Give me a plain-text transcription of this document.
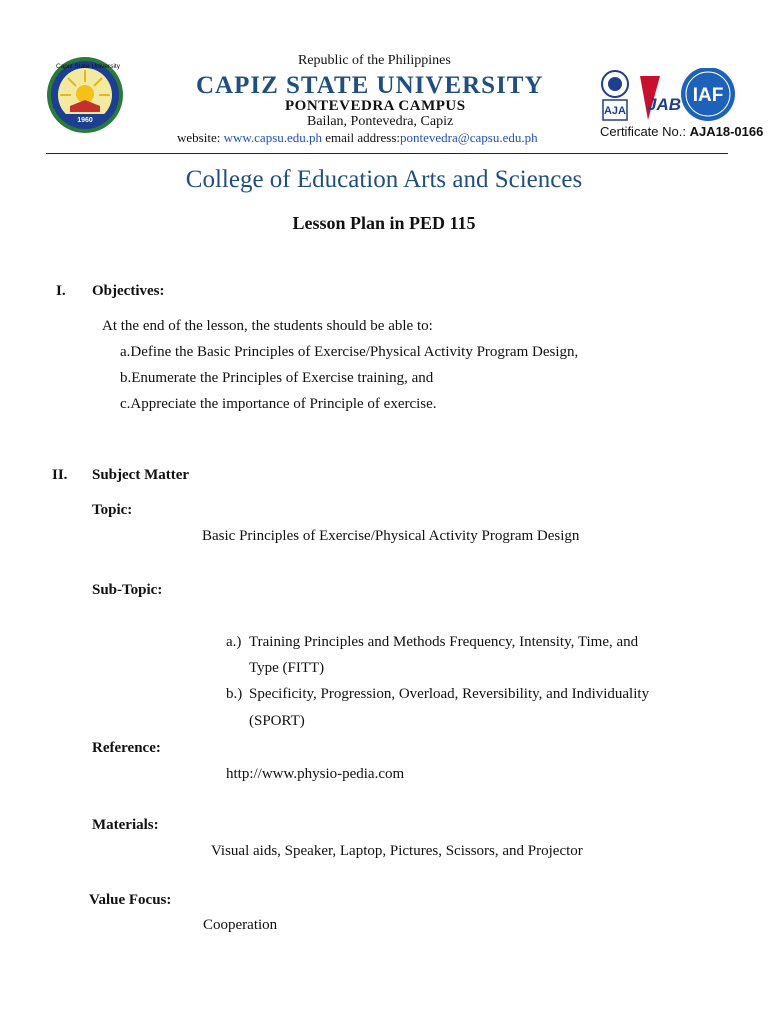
Capiz State University
1960
Republic of the Philippines
CAPIZ STATE UNIVERSITY
PONTEVEDRA CAMPUS
Bailan, Pontevedra, Capiz
website: www.capsu.edu.ph email address:pontevedra@capsu.edu.ph
AJA JAB IAF
Certificate No.: AJA18-0166
College of Education Arts and Sciences
Lesson Plan in PED 115
I. Objectives:
At the end of the lesson, the students should be able to:
a.Define the Basic Principles of Exercise/Physical Activity Program Design,
b.Enumerate the Principles of Exercise training, and
c.Appreciate the importance of Principle of exercise.
II. Subject Matter
Topic:
Basic Principles of Exercise/Physical Activity Program Design
Sub-Topic:
a.) Training Principles and Methods Frequency, Intensity, Time, and
Type (FITT)
b.) Specificity, Progression, Overload, Reversibility, and Individuality
(SPORT)
Reference:
http://www.physio-pedia.com
Materials:
Visual aids, Speaker, Laptop, Pictures, Scissors, and Projector
Value Focus:
Cooperation
